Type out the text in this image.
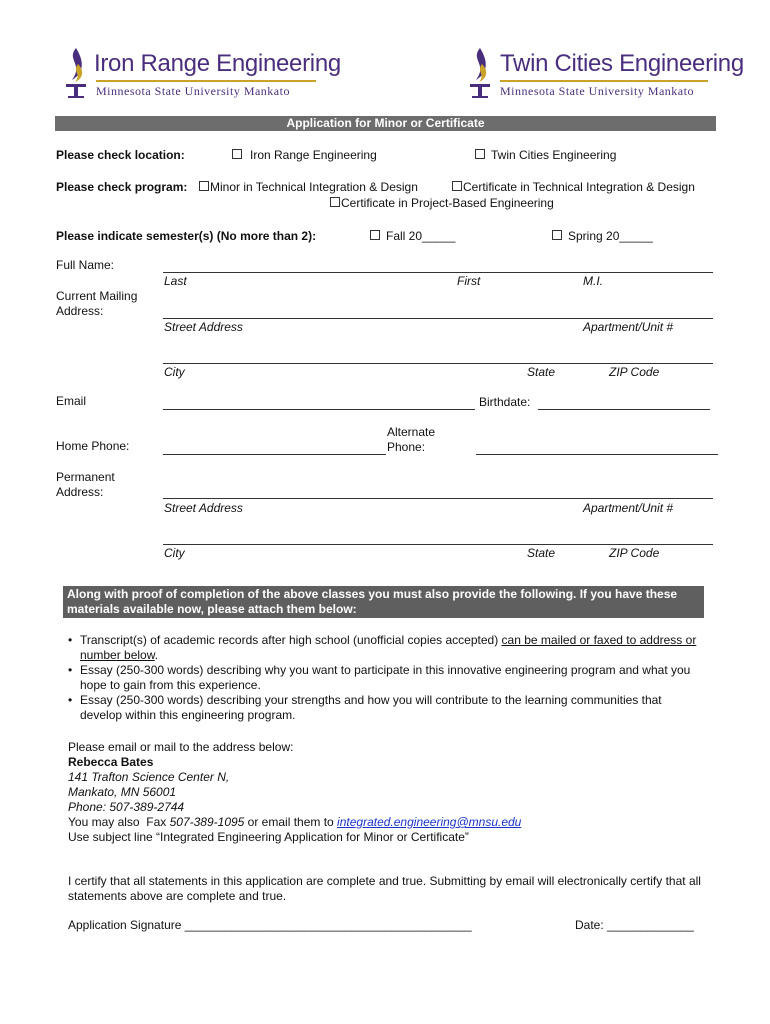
Iron Range Engineering
Minnesota State University Mankato
Twin Cities Engineering
Minnesota State University Mankato
Application for Minor or Certificate
Please check location:	Iron Range Engineering	Twin Cities Engineering
Please check program:	Minor in Technical Integration & Design	Certificate in Technical Integration & Design
Certificate in Project-Based Engineering
Please indicate semester(s) (No more than 2):	Fall 20_____	Spring 20_____
Full Name:
Last	First	M.I.
Current Mailing Address:
Street Address	Apartment/Unit #
City	State	ZIP Code
Email	Birthdate:
Home Phone:
Alternate Phone:
Permanent Address:
Street Address	Apartment/Unit #
City	State	ZIP Code
Along with proof of completion of the above classes you must also provide the following. If you have these materials available now, please attach them below:
• Transcript(s) of academic records after high school (unofficial copies accepted) can be mailed or faxed to address or number below.
• Essay (250-300 words) describing why you want to participate in this innovative engineering program and what you hope to gain from this experience.
• Essay (250-300 words) describing your strengths and how you will contribute to the learning communities that develop within this engineering program.
Please email or mail to the address below:
Rebecca Bates
141 Trafton Science Center N,
Mankato, MN 56001
Phone: 507-389-2744
You may also  Fax 507-389-1095 or email them to integrated.engineering@mnsu.edu
Use subject line “Integrated Engineering Application for Minor or Certificate”
I certify that all statements in this application are complete and true. Submitting by email will electronically certify that all statements above are complete and true.
Application Signature ___________________________________________	Date: _____________
